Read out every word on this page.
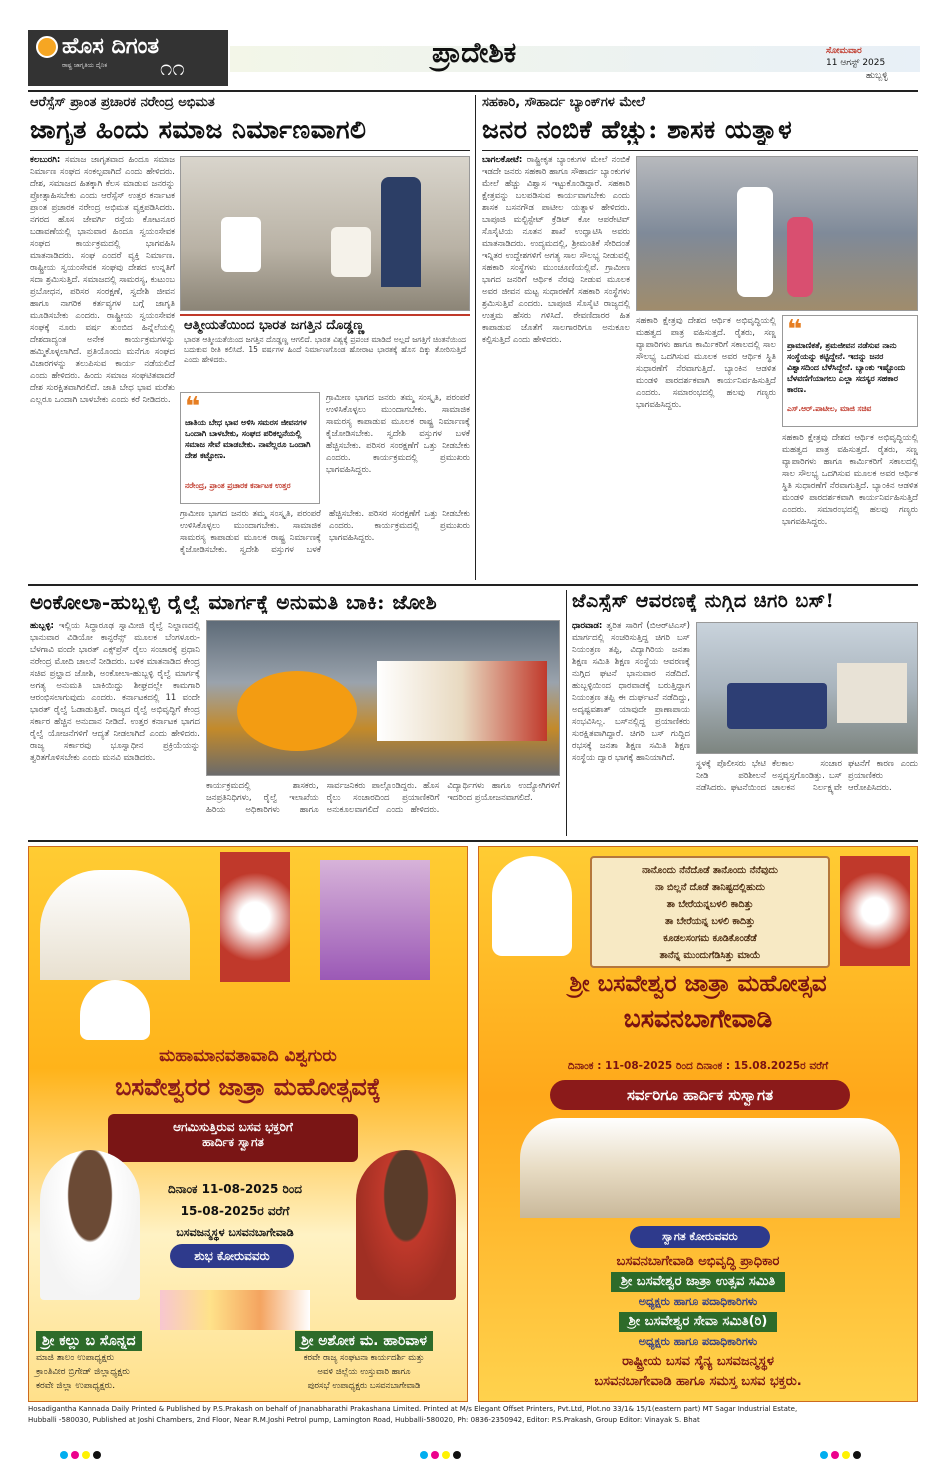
ಹೊಸ ದಿಗಂತ
ರಾಷ್ಟ್ರ ಜಾಗೃತಿಯ ದೈನಿಕ ೧೧	ಪ್ರಾದೇಶಿಕ	ಸೋಮವಾರ
11 ಆಗಸ್ಟ್ 2025
ಹುಬ್ಬಳ್ಳಿ
ಆರೆಸ್ಸೆಸ್ ಪ್ರಾಂತ ಪ್ರಚಾರಕ ನರೇಂದ್ರ ಅಭಿಮತ
ಜಾಗೃತ ಹಿಂದು ಸಮಾಜ ನಿರ್ಮಾಣವಾಗಲಿ
ಕಲಬುರಗಿ: ಸಮಾಜ ಜಾಗೃತವಾದ ಹಿಂದೂ ಸಮಾಜ ನಿರ್ಮಾಣ ಸಂಘದ ಸಂಕಲ್ಪವಾಗಿದೆ ಎಂದು ಹೇಳಿದರು. ದೇಶ, ಸಮಾಜದ ಹಿತಕ್ಕಾಗಿ ಕೆಲಸ ಮಾಡುವ ಜನರನ್ನು ಪ್ರೋತ್ಸಾಹಿಸಬೇಕು ಎಂದು ಆರೆಸ್ಸೆಸ್ ಉತ್ತರ ಕರ್ನಾಟಕ ಪ್ರಾಂತ ಪ್ರಚಾರಕ ನರೇಂದ್ರ ಅಭಿಮತ ವ್ಯಕ್ತಪಡಿಸಿದರು. ನಗರದ ಹೊಸ ಜೇವರ್ಗಿ ರಸ್ತೆಯ ಕೋಟನೂರ ಬಡಾವಣೆಯಲ್ಲಿ ಭಾನುವಾರ ಹಿಂದೂ ಸ್ವಯಂಸೇವಕ ಸಂಘದ ಕಾರ್ಯಕ್ರಮದಲ್ಲಿ ಭಾಗವಹಿಸಿ ಮಾತನಾಡಿದರು. ಸಂಘ ಎಂದರೆ ವ್ಯಕ್ತಿ ನಿರ್ಮಾಣ. ರಾಷ್ಟ್ರೀಯ ಸ್ವಯಂಸೇವಕ ಸಂಘವು ದೇಶದ ಉನ್ನತಿಗೆ ಸದಾ ಶ್ರಮಿಸುತ್ತಿದೆ. ಸಮಾಜದಲ್ಲಿ ಸಾಮರಸ್ಯ, ಕುಟುಂಬ ಪ್ರಬೋಧನ, ಪರಿಸರ ಸಂರಕ್ಷಣೆ, ಸ್ವದೇಶಿ ಜೀವನ ಹಾಗೂ ನಾಗರಿಕ ಕರ್ತವ್ಯಗಳ ಬಗ್ಗೆ ಜಾಗೃತಿ ಮೂಡಿಸಬೇಕು ಎಂದರು. ರಾಷ್ಟ್ರೀಯ ಸ್ವಯಂಸೇವಕ ಸಂಘಕ್ಕೆ ನೂರು ವರ್ಷ ತುಂಬಿದ ಹಿನ್ನೆಲೆಯಲ್ಲಿ ದೇಶದಾದ್ಯಂತ ಅನೇಕ ಕಾರ್ಯಕ್ರಮಗಳನ್ನು ಹಮ್ಮಿಕೊಳ್ಳಲಾಗಿದೆ. ಪ್ರತಿಯೊಂದು ಮನೆಗೂ ಸಂಘದ ವಿಚಾರಗಳನ್ನು ತಲುಪಿಸುವ ಕಾರ್ಯ ನಡೆಯಲಿದೆ ಎಂದು ಹೇಳಿದರು. ಹಿಂದು ಸಮಾಜ ಸಂಘಟಿತವಾದರೆ ದೇಶ ಸುರಕ್ಷಿತವಾಗಿರಲಿದೆ. ಜಾತಿ ಬೇಧ ಭಾವ ಮರೆತು ಎಲ್ಲರೂ ಒಂದಾಗಿ ಬಾಳಬೇಕು ಎಂದು ಕರೆ ನೀಡಿದರು.
ಆತ್ಮೀಯತೆಯಿಂದ ಭಾರತ ಜಗತ್ತಿನ ದೊಡ್ಡಣ್ಣ
ಭಾರತ ಆತ್ಮೀಯತೆಯಿಂದ ಜಗತ್ತಿನ ದೊಡ್ಡಣ್ಣ ಆಗಲಿದೆ. ಭಾರತ ವಿಶ್ವಕ್ಕೆ ಪ್ರಪಂಚ ಮಾಡಿದೆ ಅಲ್ಲದೆ ಜಗತ್ತಿಗೆ ಚಿಂತನೆಯಿಂದ ಬದುಕುವ ರೀತಿ ಕಲಿಸಿದೆ. 15 ವರ್ಷಗಳ ಹಿಂದೆ ನಿರ್ಮಾಣಗೊಂಡ ಹೋರಾಟ ಭಾರತಕ್ಕೆ ಹೊಸ ದಿಕ್ಕು ತೋರಿಸುತ್ತಿದೆ ಎಂದು ಹೇಳಿದರು.
❝
ಜಾತಿಯ ಬೇಧ ಭಾವ ಅಳಿಸಿ ಸಮರಸ ಜೀವನಗಳ ಒಂದಾಗಿ ಬಾಳಬೇಕು, ಸಂಘದ ಪರಿಕಲ್ಪನೆಯಲ್ಲಿ ಸಮಾಜ ಸೇವೆ ಮಾಡಬೇಕು. ನಾವೆಲ್ಲರೂ ಒಂದಾಗಿ ದೇಶ ಕಟ್ಟೋಣ.
ನರೇಂದ್ರ, ಪ್ರಾಂತ ಪ್ರಚಾರಕ ಕರ್ನಾಟಕ ಉತ್ತರ
ಗ್ರಾಮೀಣ ಭಾಗದ ಜನರು ತಮ್ಮ ಸಂಸ್ಕೃತಿ, ಪರಂಪರೆ ಉಳಿಸಿಕೊಳ್ಳಲು ಮುಂದಾಗಬೇಕು. ಸಾಮಾಜಿಕ ಸಾಮರಸ್ಯ ಕಾಪಾಡುವ ಮೂಲಕ ರಾಷ್ಟ್ರ ನಿರ್ಮಾಣಕ್ಕೆ ಕೈಜೋಡಿಸಬೇಕು. ಸ್ವದೇಶಿ ವಸ್ತುಗಳ ಬಳಕೆ ಹೆಚ್ಚಿಸಬೇಕು. ಪರಿಸರ ಸಂರಕ್ಷಣೆಗೆ ಒತ್ತು ನೀಡಬೇಕು ಎಂದರು. ಕಾರ್ಯಕ್ರಮದಲ್ಲಿ ಪ್ರಮುಖರು ಭಾಗವಹಿಸಿದ್ದರು.
ಗ್ರಾಮೀಣ ಭಾಗದ ಜನರು ತಮ್ಮ ಸಂಸ್ಕೃತಿ, ಪರಂಪರೆ ಉಳಿಸಿಕೊಳ್ಳಲು ಮುಂದಾಗಬೇಕು. ಸಾಮಾಜಿಕ ಸಾಮರಸ್ಯ ಕಾಪಾಡುವ ಮೂಲಕ ರಾಷ್ಟ್ರ ನಿರ್ಮಾಣಕ್ಕೆ ಕೈಜೋಡಿಸಬೇಕು. ಸ್ವದೇಶಿ ವಸ್ತುಗಳ ಬಳಕೆ ಹೆಚ್ಚಿಸಬೇಕು. ಪರಿಸರ ಸಂರಕ್ಷಣೆಗೆ ಒತ್ತು ನೀಡಬೇಕು ಎಂದರು. ಕಾರ್ಯಕ್ರಮದಲ್ಲಿ ಪ್ರಮುಖರು ಭಾಗವಹಿಸಿದ್ದರು.
ಸಹಕಾರಿ, ಸೌಹಾರ್ದ ಬ್ಯಾಂಕ್‌ಗಳ ಮೇಲೆ
ಜನರ ನಂಬಿಕೆ ಹೆಚ್ಚು: ಶಾಸಕ ಯತ್ನಾಳ
ಬಾಗಲಕೋಟೆ: ರಾಷ್ಟ್ರೀಕೃತ ಬ್ಯಾಂಕುಗಳ ಮೇಲೆ ನಂಬಿಕೆ ಇಡದೇ ಜನರು ಸಹಕಾರಿ ಹಾಗೂ ಸೌಹಾರ್ದ ಬ್ಯಾಂಕುಗಳ ಮೇಲೆ ಹೆಚ್ಚು ವಿಶ್ವಾಸ ಇಟ್ಟುಕೊಂಡಿದ್ದಾರೆ. ಸಹಕಾರಿ ಕ್ಷೇತ್ರವನ್ನು ಬಲಪಡಿಸುವ ಕಾರ್ಯವಾಗಬೇಕು ಎಂದು ಶಾಸಕ ಬಸನಗೌಡ ಪಾಟೀಲ ಯತ್ನಾಳ ಹೇಳಿದರು. ಬಾಪೂಜಿ ಮಲ್ಟಿಸ್ಟೇಟ್ ಕ್ರೆಡಿಟ್ ಕೋ ಆಪರೇಟಿವ್ ಸೊಸೈಟಿಯ ನೂತನ ಶಾಖೆ ಉದ್ಘಾಟಿಸಿ ಅವರು ಮಾತನಾಡಿದರು. ಉದ್ಯಮದಲ್ಲಿ, ಶ್ರೀಮಂತಿಕೆ ಸೇರಿದಂತೆ ಇನ್ನಿತರ ಉದ್ದೇಶಗಳಿಗೆ ಅಗತ್ಯ ಸಾಲ ಸೌಲಭ್ಯ ನೀಡುವಲ್ಲಿ ಸಹಕಾರಿ ಸಂಸ್ಥೆಗಳು ಮುಂಚೂಣಿಯಲ್ಲಿವೆ. ಗ್ರಾಮೀಣ ಭಾಗದ ಜನರಿಗೆ ಆರ್ಥಿಕ ನೆರವು ನೀಡುವ ಮೂಲಕ ಅವರ ಜೀವನ ಮಟ್ಟ ಸುಧಾರಣೆಗೆ ಸಹಕಾರಿ ಸಂಸ್ಥೆಗಳು ಶ್ರಮಿಸುತ್ತಿವೆ ಎಂದರು. ಬಾಪೂಜಿ ಸೊಸೈಟಿ ರಾಜ್ಯದಲ್ಲಿ ಉತ್ತಮ ಹೆಸರು ಗಳಿಸಿದೆ. ಠೇವಣಿದಾರರ ಹಿತ ಕಾಪಾಡುವ ಜೊತೆಗೆ ಸಾಲಗಾರರಿಗೂ ಅನುಕೂಲ ಕಲ್ಪಿಸುತ್ತಿದೆ ಎಂದು ಹೇಳಿದರು.
ಸಹಕಾರಿ ಕ್ಷೇತ್ರವು ದೇಶದ ಆರ್ಥಿಕ ಅಭಿವೃದ್ಧಿಯಲ್ಲಿ ಮಹತ್ವದ ಪಾತ್ರ ವಹಿಸುತ್ತದೆ. ರೈತರು, ಸಣ್ಣ ವ್ಯಾಪಾರಿಗಳು ಹಾಗೂ ಕಾರ್ಮಿಕರಿಗೆ ಸಕಾಲದಲ್ಲಿ ಸಾಲ ಸೌಲಭ್ಯ ಒದಗಿಸುವ ಮೂಲಕ ಅವರ ಆರ್ಥಿಕ ಸ್ಥಿತಿ ಸುಧಾರಣೆಗೆ ನೆರವಾಗುತ್ತಿದೆ. ಬ್ಯಾಂಕಿನ ಆಡಳಿತ ಮಂಡಳಿ ಪಾರದರ್ಶಕವಾಗಿ ಕಾರ್ಯನಿರ್ವಹಿಸುತ್ತಿದೆ ಎಂದರು. ಸಮಾರಂಭದಲ್ಲಿ ಹಲವು ಗಣ್ಯರು ಭಾಗವಹಿಸಿದ್ದರು.
❝
ಪ್ರಾಮಾಣಿಕತೆ, ಶ್ರಮಜೀವನ ನಡೆಸುವ ನಾನು ಸಂಸ್ಥೆಯನ್ನು ಕಟ್ಟಿದ್ದೇನೆ. ಇದನ್ನು ಜನರ ವಿಶ್ವಾಸದಿಂದ ಬೆಳೆಸಿದ್ದೇನೆ. ಬ್ಯಾಂಕು ಇಷ್ಟೊಂದು ಬೆಳವಣಿಗೆಯಾಗಲು ಎಲ್ಲಾ ಸದಸ್ಯರ ಸಹಕಾರ ಕಾರಣ.
ಎಸ್.ಆರ್.ಪಾಟೀಲ, ಮಾಜಿ ಸಚಿವ
ಸಹಕಾರಿ ಕ್ಷೇತ್ರವು ದೇಶದ ಆರ್ಥಿಕ ಅಭಿವೃದ್ಧಿಯಲ್ಲಿ ಮಹತ್ವದ ಪಾತ್ರ ವಹಿಸುತ್ತದೆ. ರೈತರು, ಸಣ್ಣ ವ್ಯಾಪಾರಿಗಳು ಹಾಗೂ ಕಾರ್ಮಿಕರಿಗೆ ಸಕಾಲದಲ್ಲಿ ಸಾಲ ಸೌಲಭ್ಯ ಒದಗಿಸುವ ಮೂಲಕ ಅವರ ಆರ್ಥಿಕ ಸ್ಥಿತಿ ಸುಧಾರಣೆಗೆ ನೆರವಾಗುತ್ತಿದೆ. ಬ್ಯಾಂಕಿನ ಆಡಳಿತ ಮಂಡಳಿ ಪಾರದರ್ಶಕವಾಗಿ ಕಾರ್ಯನಿರ್ವಹಿಸುತ್ತಿದೆ ಎಂದರು. ಸಮಾರಂಭದಲ್ಲಿ ಹಲವು ಗಣ್ಯರು ಭಾಗವಹಿಸಿದ್ದರು.
ಅಂಕೋಲಾ-ಹುಬ್ಬಳ್ಳಿ ರೈಲ್ವೆ ಮಾರ್ಗಕ್ಕೆ ಅನುಮತಿ ಬಾಕಿ: ಜೋಶಿ
ಹುಬ್ಬಳ್ಳಿ: ಇಲ್ಲಿಯ ಸಿದ್ಧಾರೂಢ ಸ್ವಾಮೀಜಿ ರೈಲ್ವೆ ನಿಲ್ದಾಣದಲ್ಲಿ ಭಾನುವಾರ ವಿಡಿಯೋ ಕಾನ್ಫರೆನ್ಸ್ ಮೂಲಕ ಬೆಂಗಳೂರು-ಬೆಳಗಾವಿ ವಂದೇ ಭಾರತ್ ಎಕ್ಸ್‌ಪ್ರೆಸ್ ರೈಲು ಸಂಚಾರಕ್ಕೆ ಪ್ರಧಾನಿ ನರೇಂದ್ರ ಮೋದಿ ಚಾಲನೆ ನೀಡಿದರು. ಬಳಿಕ ಮಾತನಾಡಿದ ಕೇಂದ್ರ ಸಚಿವ ಪ್ರಲ್ಹಾದ ಜೋಶಿ, ಅಂಕೋಲಾ-ಹುಬ್ಬಳ್ಳಿ ರೈಲ್ವೆ ಮಾರ್ಗಕ್ಕೆ ಅಗತ್ಯ ಅನುಮತಿ ಬಾಕಿಯಿದ್ದು ಶೀಘ್ರದಲ್ಲೇ ಕಾಮಗಾರಿ ಆರಂಭಿಸಲಾಗುವುದು ಎಂದರು. ಕರ್ನಾಟಕದಲ್ಲಿ 11 ವಂದೇ ಭಾರತ್ ರೈಲ್ವೆ ಓಡಾಡುತ್ತಿವೆ. ರಾಜ್ಯದ ರೈಲ್ವೆ ಅಭಿವೃದ್ಧಿಗೆ ಕೇಂದ್ರ ಸರ್ಕಾರ ಹೆಚ್ಚಿನ ಅನುದಾನ ನೀಡಿದೆ. ಉತ್ತರ ಕರ್ನಾಟಕ ಭಾಗದ ರೈಲ್ವೆ ಯೋಜನೆಗಳಿಗೆ ಆದ್ಯತೆ ನೀಡಲಾಗಿದೆ ಎಂದು ಹೇಳಿದರು. ರಾಜ್ಯ ಸರ್ಕಾರವು ಭೂಸ್ವಾಧೀನ ಪ್ರಕ್ರಿಯೆಯನ್ನು ತ್ವರಿತಗೊಳಿಸಬೇಕು ಎಂದು ಮನವಿ ಮಾಡಿದರು.
ಕಾರ್ಯಕ್ರಮದಲ್ಲಿ ಶಾಸಕರು, ಜನಪ್ರತಿನಿಧಿಗಳು, ರೈಲ್ವೆ ಇಲಾಖೆಯ ಹಿರಿಯ ಅಧಿಕಾರಿಗಳು ಹಾಗೂ ಸಾರ್ವಜನಿಕರು ಪಾಲ್ಗೊಂಡಿದ್ದರು. ಹೊಸ ರೈಲು ಸಂಚಾರದಿಂದ ಪ್ರಯಾಣಿಕರಿಗೆ ಅನುಕೂಲವಾಗಲಿದೆ ಎಂದು ಹೇಳಿದರು. ವಿದ್ಯಾರ್ಥಿಗಳು ಹಾಗೂ ಉದ್ಯೋಗಿಗಳಿಗೆ ಇದರಿಂದ ಪ್ರಯೋಜನವಾಗಲಿದೆ.
ಜೆಎಸ್ಸೆಸ್ ಆವರಣಕ್ಕೆ ನುಗ್ಗಿದ ಚಿಗರಿ ಬಸ್!
ಧಾರವಾಡ: ತ್ವರಿತ ಸಾರಿಗೆ (ಬಿಆರ್‌ಟಿಎಸ್) ಮಾರ್ಗದಲ್ಲಿ ಸಂಚರಿಸುತ್ತಿದ್ದ ಚಿಗರಿ ಬಸ್ ನಿಯಂತ್ರಣ ತಪ್ಪಿ, ವಿದ್ಯಾಗಿರಿಯ ಜನತಾ ಶಿಕ್ಷಣ ಸಮಿತಿ ಶಿಕ್ಷಣ ಸಂಸ್ಥೆಯ ಆವರಣಕ್ಕೆ ನುಗ್ಗಿದ ಘಟನೆ ಭಾನುವಾರ ನಡೆದಿದೆ. ಹುಬ್ಬಳ್ಳಿಯಿಂದ ಧಾರವಾಡಕ್ಕೆ ಬರುತ್ತಿದ್ದಾಗ ನಿಯಂತ್ರಣ ತಪ್ಪಿ ಈ ದುರ್ಘಟನೆ ನಡೆದಿದ್ದು, ಅದೃಷ್ಟವಶಾತ್ ಯಾವುದೇ ಪ್ರಾಣಾಪಾಯ ಸಂಭವಿಸಿಲ್ಲ. ಬಸ್‌ನಲ್ಲಿದ್ದ ಪ್ರಯಾಣಿಕರು ಸುರಕ್ಷಿತವಾಗಿದ್ದಾರೆ. ಚಿಗರಿ ಬಸ್ ಗುದ್ದಿದ ರಭಸಕ್ಕೆ ಜನತಾ ಶಿಕ್ಷಣ ಸಮಿತಿ ಶಿಕ್ಷಣ ಸಂಸ್ಥೆಯ ದ್ವಾರ ಭಾಗಕ್ಕೆ ಹಾನಿಯಾಗಿದೆ.
ಸ್ಥಳಕ್ಕೆ ಪೊಲೀಸರು ಭೇಟಿ ನೀಡಿ ಪರಿಶೀಲನೆ ನಡೆಸಿದರು. ಘಟನೆಯಿಂದ ಕೆಲಕಾಲ ಸಂಚಾರ ಅಸ್ತವ್ಯಸ್ತಗೊಂಡಿತ್ತು. ಬಸ್ ಚಾಲಕನ ನಿರ್ಲಕ್ಷ್ಯವೇ ಘಟನೆಗೆ ಕಾರಣ ಎಂದು ಪ್ರಯಾಣಿಕರು ಆರೋಪಿಸಿದರು.
ಮಹಾಮಾನವತಾವಾದಿ ವಿಶ್ವಗುರು
ಬಸವೇಶ್ವರರ ಜಾತ್ರಾ ಮಹೋತ್ಸವಕ್ಕೆ
ಆಗಮಿಸುತ್ತಿರುವ ಬಸವ ಭಕ್ತರಿಗೆ
ಹಾರ್ದಿಕ ಸ್ವಾಗತ
ದಿನಾಂಕ 11-08-2025 ರಿಂದ
15-08-2025ರ ವರೆಗೆ
ಬಸವಜನ್ಮಸ್ಥಳ ಬಸವನಬಾಗೇವಾಡಿ
ಶುಭ ಕೋರುವವರು
ಶ್ರೀ ಕಲ್ಲು ಬ ಸೊನ್ನದ
ಮಾಜಿ ತಾಲಂ ಉಪಾಧ್ಯಕ್ಷರು
ಕ್ರಾಂತಿವೀರ ಬ್ರಿಗೇಡ್ ಜಿಲ್ಲಾಧ್ಯಕ್ಷರು
ಕರವೇ ಜಿಲ್ಲಾ ಉಪಾಧ್ಯಕ್ಷರು.
ಶ್ರೀ ಅಶೋಕ ಮ. ಹಾರಿವಾಳ
ಕರವೇ ರಾಜ್ಯ ಸಂಘಟನಾ ಕಾರ್ಯದರ್ಶಿ ಮತ್ತು
ಅವಳಿ ಜಿಲ್ಲೆಯ ಉಸ್ತುವಾರಿ ಹಾಗೂ
ಪುರಸಭೆ ಉಪಾಧ್ಯಕ್ಷರು ಬಸವನಬಾಗೇವಾಡಿ
ನಾನೊಂದು ನೆನೆದೊಡೆ ತಾನೊಂದು ನೆನೆವುದು
ನಾ ಬಿಲ್ಲನೆ ದೊಡೆ ತಾನಿಷ್ಟದಲ್ಲಿಹುದು
ತಾ ಬೇರೆಯನ್ನಬಳಲಿ ಕಾದಿತ್ತು
ತಾ ಬೇರೆಯನ್ನ ಬಳಲಿ ಕಾದಿತ್ತು
ಕೂಡಲಸಂಗಮ ಕೂಡಿಕೊಂಡೆಡೆ
ತಾನೆನ್ನ ಮುಂದುಗೆಡಿಸಿತ್ತು ಮಾಯೆ
ಶ್ರೀ ಬಸವೇಶ್ವರ ಜಾತ್ರಾ ಮಹೋತ್ಸವ
ಬಸವನಬಾಗೇವಾಡಿ
ದಿನಾಂಕ : 11-08-2025 ರಿಂದ ದಿನಾಂಕ : 15.08.2025ರ ವರೆಗೆ
ಸರ್ವರಿಗೂ ಹಾರ್ದಿಕ ಸುಸ್ವಾಗತ
ಸ್ವಾಗತ ಕೋರುವವರು
ಬಸವನಬಾಗೇವಾಡಿ ಅಭಿವೃದ್ಧಿ ಪ್ರಾಧಿಕಾರ
ಶ್ರೀ ಬಸವೇಶ್ವರ ಜಾತ್ರಾ ಉತ್ಸವ ಸಮಿತಿ
ಅಧ್ಯಕ್ಷರು ಹಾಗೂ ಪದಾಧಿಕಾರಿಗಳು
ಶ್ರೀ ಬಸವೇಶ್ವರ ಸೇವಾ ಸಮಿತಿ(ರಿ)
ಅಧ್ಯಕ್ಷರು ಹಾಗೂ ಪದಾಧಿಕಾರಿಗಳು
ರಾಷ್ಟ್ರೀಯ ಬಸವ ಸೈನ್ಯ ಬಸವಜನ್ಮಸ್ಥಳ
ಬಸವನಬಾಗೇವಾಡಿ ಹಾಗೂ ಸಮಸ್ತ ಬಸವ ಭಕ್ತರು.
Hosadigantha Kannada Daily Printed & Published by P.S.Prakash on behalf of Jnanabharathi Prakashana Limited. Printed at M/s Elegant Offset Printers, Pvt.Ltd, Plot.no 33/1& 15/1(eastern part) MT Sagar Industrial Estate,
Hubballi -580030, Published at Joshi Chambers, 2nd Floor, Near R.M.Joshi Petrol pump, Lamington Road, Hubballi-580020, Ph: 0836-2350942, Editor: P.S.Prakash, Group Editor: Vinayak S. Bhat
